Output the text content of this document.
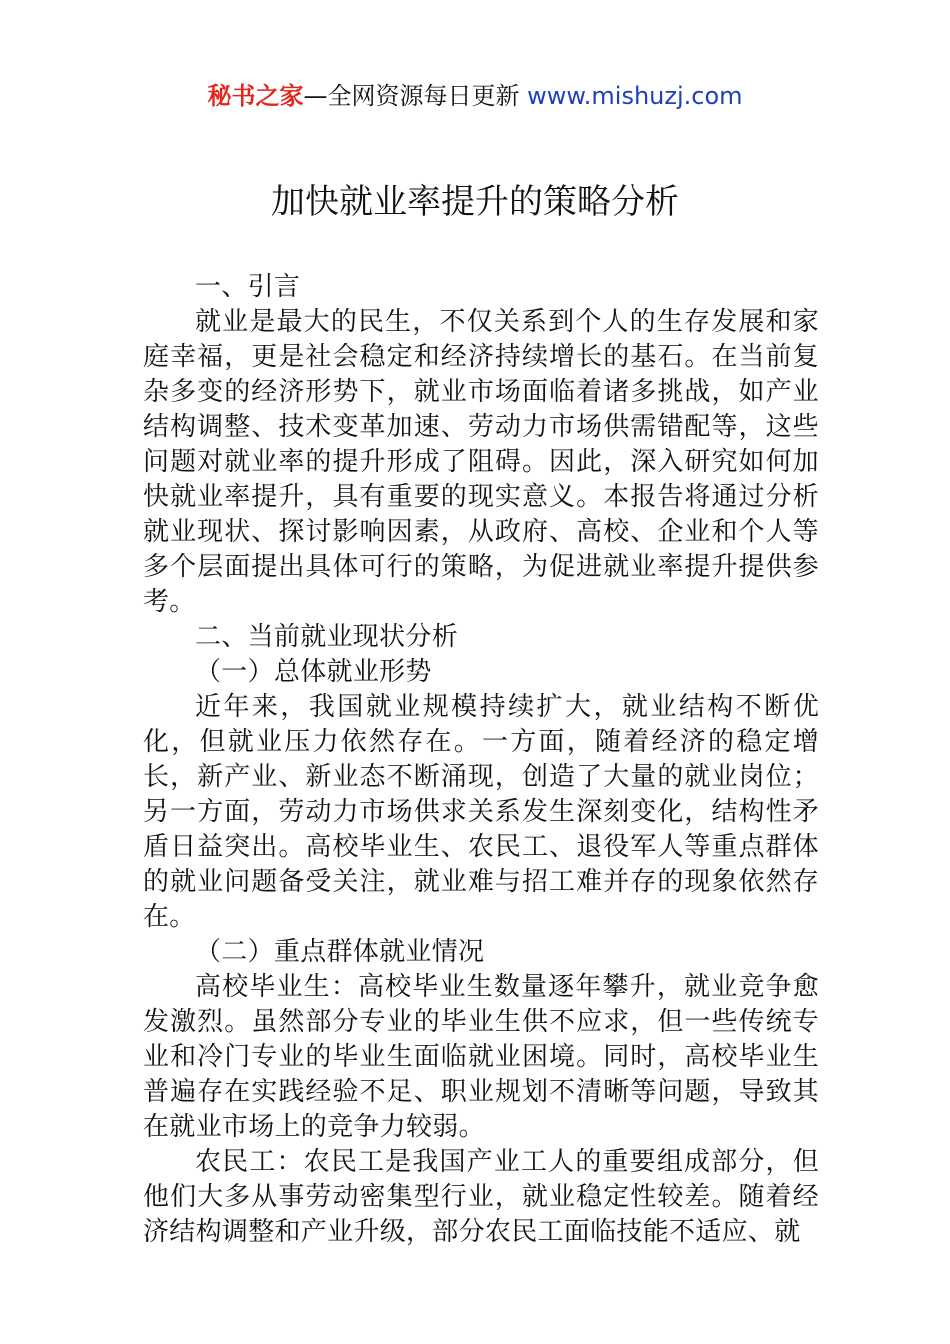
秘书之家—全网资源每日更新 www.mishuzj.com
加快就业率提升的策略分析

一、引言

就业是最大的民生，不仅关系到个人的生存发展和家庭幸福，更是社会稳定和经济持续增长的基石。在当前复杂多变的经济形势下，就业市场面临着诸多挑战，如产业结构调整、技术变革加速、劳动力市场供需错配等，这些问题对就业率的提升形成了阻碍。因此，深入研究如何加快就业率提升，具有重要的现实意义。本报告将通过分析就业现状、探讨影响因素，从政府、高校、企业和个人等多个层面提出具体可行的策略，为促进就业率提升提供参考。

二、当前就业现状分析

（一）总体就业形势

近年来，我国就业规模持续扩大，就业结构不断优化，但就业压力依然存在。一方面，随着经济的稳定增长，新产业、新业态不断涌现，创造了大量的就业岗位；另一方面，劳动力市场供求关系发生深刻变化，结构性矛盾日益突出。高校毕业生、农民工、退役军人等重点群体的就业问题备受关注，就业难与招工难并存的现象依然存在。

（二）重点群体就业情况

高校毕业生：高校毕业生数量逐年攀升，就业竞争愈发激烈。虽然部分专业的毕业生供不应求，但一些传统专业和冷门专业的毕业生面临就业困境。同时，高校毕业生普遍存在实践经验不足、职业规划不清晰等问题，导致其在就业市场上的竞争力较弱。

农民工：农民工是我国产业工人的重要组成部分，但他们大多从事劳动密集型行业，就业稳定性较差。随着经济结构调整和产业升级，部分农民工面临技能不适应、就
